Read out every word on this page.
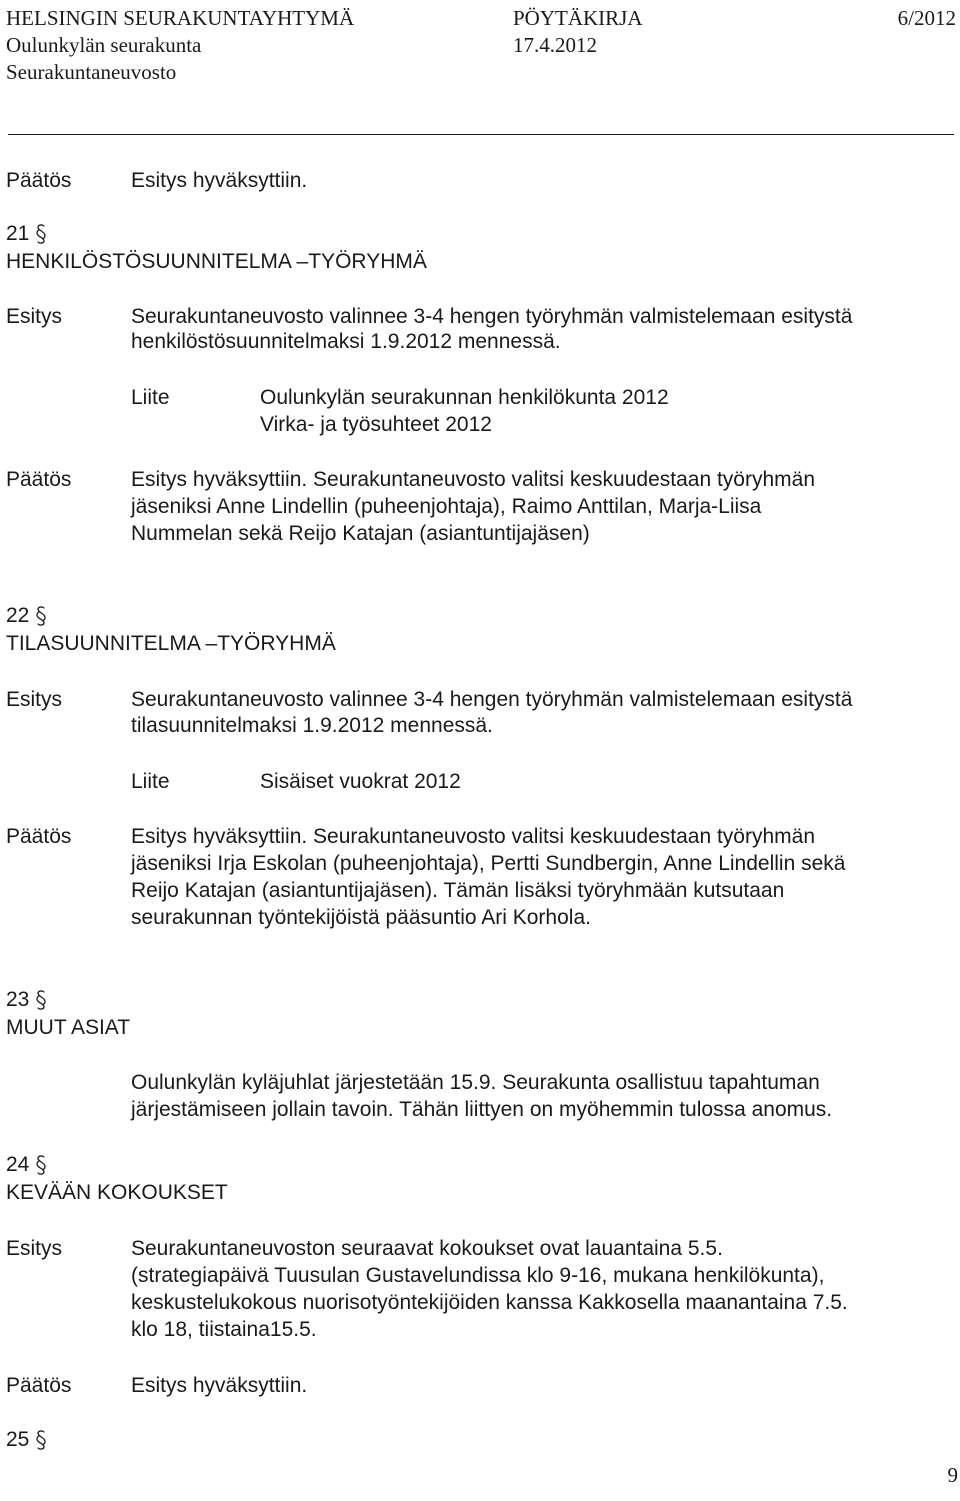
HELSINGIN SEURAKUNTAYHTYMÄ	PÖYTÄKIRJA	6/2012
Oulunkylän seurakunta	17.4.2012
Seurakuntaneuvosto
Päätös	Esitys hyväksyttiin.
21
HENKILÖSTÖSUUNNITELMA –TYÖRYHMÄ
Esitys	Seurakuntaneuvosto valinnee 3-4 hengen työryhmän valmistelemaan esitystä
henkilöstösuunnitelmaksi 1.9.2012 mennessä.
Liite	Oulunkylän seurakunnan henkilökunta 2012
Virka- ja työsuhteet 2012
Päätös	Esitys hyväksyttiin. Seurakuntaneuvosto valitsi keskuudestaan työryhmän
jäseniksi Anne Lindellin (puheenjohtaja), Raimo Anttilan, Marja-Liisa
Nummelan sekä Reijo Katajan (asiantuntijajäsen)
22
TILASUUNNITELMA –TYÖRYHMÄ
Esitys	Seurakuntaneuvosto valinnee 3-4 hengen työryhmän valmistelemaan esitystä
tilasuunnitelmaksi 1.9.2012 mennessä.
Liite	Sisäiset vuokrat 2012
Päätös	Esitys hyväksyttiin. Seurakuntaneuvosto valitsi keskuudestaan työryhmän
jäseniksi Irja Eskolan (puheenjohtaja), Pertti Sundbergin, Anne Lindellin sekä
Reijo Katajan (asiantuntijajäsen). Tämän lisäksi työryhmään kutsutaan
seurakunnan työntekijöistä pääsuntio Ari Korhola.
23
MUUT ASIAT
Oulunkylän kyläjuhlat järjestetään 15.9. Seurakunta osallistuu tapahtuman
järjestämiseen jollain tavoin. Tähän liittyen on myöhemmin tulossa anomus.
24
KEVÄÄN KOKOUKSET
Esitys	Seurakuntaneuvoston seuraavat kokoukset ovat lauantaina 5.5.
(strategiapäivä Tuusulan Gustavelundissa klo 9-16, mukana henkilökunta),
keskustelukokous nuorisotyöntekijöiden kanssa Kakkosella maanantaina 7.5.
klo 18, tiistaina15.5.
Päätös	Esitys hyväksyttiin.
25
9
